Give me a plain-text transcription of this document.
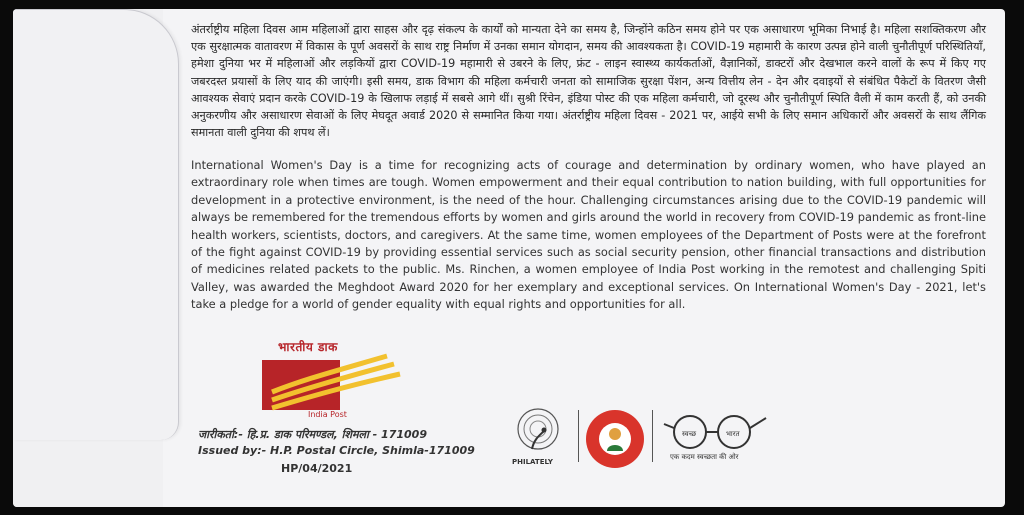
अंतर्राष्ट्रीय महिला दिवस आम महिलाओं द्वारा साहस और दृढ़ संकल्प के कार्यों को मान्यता देने का समय है, जिन्होंने कठिन समय होने पर एक असाधारण भूमिका निभाई है। महिला सशक्तिकरण और एक सुरक्षात्मक वातावरण में विकास के पूर्ण अवसरों के साथ राष्ट्र निर्माण में उनका समान योगदान, समय की आवश्यकता है। COVID-19 महामारी के कारण उत्पन्न होने वाली चुनौतीपूर्ण परिस्थितियाँ, हमेशा दुनिया भर में महिलाओं और लड़कियों द्वारा COVID-19 महामारी से उबरने के लिए, फ्रंट - लाइन स्वास्थ्य कार्यकर्ताओं, वैज्ञानिकों, डाक्टरों और देखभाल करने वालों के रूप में किए गए जबरदस्त प्रयासों के लिए याद की जाएंगी। इसी समय, डाक विभाग की महिला कर्मचारी जनता को सामाजिक सुरक्षा पेंशन, अन्य वित्तीय लेन - देन और दवाइयों से संबंधित पैकेटों के वितरण जैसी आवश्यक सेवाएं प्रदान करके COVID-19 के खिलाफ लड़ाई में सबसे आगे थीं। सुश्री रिंचेन, इंडिया पोस्ट की एक महिला कर्मचारी, जो दूरस्थ और चुनौतीपूर्ण स्पिति वैली में काम करती हैं, को उनकी अनुकरणीय और असाधारण सेवाओं के लिए मेघदूत अवार्ड 2020 से सम्मानित किया गया। अंतर्राष्ट्रीय महिला दिवस - 2021 पर, आईये सभी के लिए समान अधिकारों और अवसरों के साथ लैंगिक समानता वाली दुनिया की शपथ लें।
International Women's Day is a time for recognizing acts of courage and determination by ordinary women, who have played an extraordinary role when times are tough. Women empowerment and their equal contribution to nation building, with full opportunities for development in a protective environment, is the need of the hour. Challenging circumstances arising due to the COVID-19 pandemic will always be remembered for the tremendous efforts by women and girls around the world in recovery from COVID-19 pandemic as front-line health workers, scientists, doctors, and caregivers. At the same time, women employees of the Department of Posts were at the forefront of the fight against COVID-19 by providing essential services such as social security pension, other financial transactions and distribution of medicines related packets to the public. Ms. Rinchen, a women employee of India Post working in the remotest and challenging Spiti Valley, was awarded the Meghdoot Award 2020 for her exemplary and exceptional services. On International Women's Day - 2021, let's take a pledge for a world of gender equality with equal rights and opportunities for all.
भारतीय डाक
India Post
जारीकर्ता:- हि.प्र. डाक परिमण्डल, शिमला - 171009
Issued by:- H.P. Postal Circle, Shimla-171009
HP/04/2021	PHILATELY
स्वच्छ	भारत
एक कदम स्वच्छता की ओर
